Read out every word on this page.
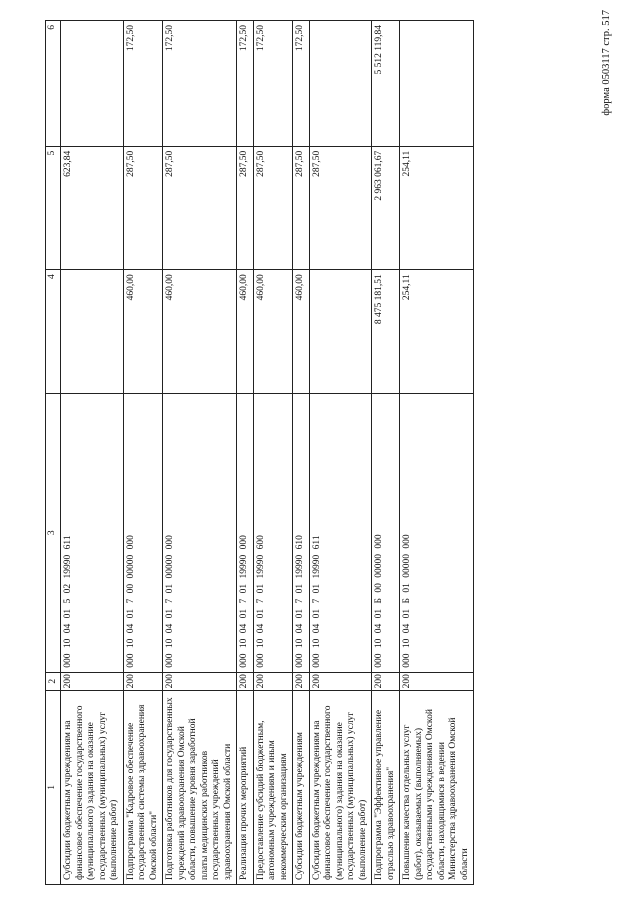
форма 0503117 стр. 517
1	2	3	4	5	6
Субсидии бюджетным учреждениям на финансовое обеспечение государственного (муниципального) задания на оказание государственных (муниципальных) услуг (выполнение работ)	200	000 10 04 01 5 02 19990 611		623,84	
Подпрограмма "Кадровое обеспечение государственной системы здравоохранения Омской области"	200	000 10 04 01 7 00 00000 000	460,00	287,50	172,50
Подготовка работников для государственных учреждений здравоохранения Омской области, повышение уровня заработной платы медицинских работников государственных учреждений здравоохранения Омской области	200	000 10 04 01 7 01 00000 000	460,00	287,50	172,50
Реализация прочих мероприятий	200	000 10 04 01 7 01 19990 000	460,00	287,50	172,50
Предоставление субсидий бюджетным, автономным учреждениям и иным некоммерческим организациям	200	000 10 04 01 7 01 19990 600	460,00	287,50	172,50
Субсидии бюджетным учреждениям	200	000 10 04 01 7 01 19990 610	460,00	287,50	172,50
Субсидии бюджетным учреждениям на финансовое обеспечение государственного (муниципального) задания на оказание государственных (муниципальных) услуг (выполнение работ)	200	000 10 04 01 7 01 19990 611		287,50	
Подпрограмма "Эффективное управление отраслью здравоохранения"	200	000 10 04 01 Б 00 00000 000	8 475 181,51	2 963 061,67	5 512 119,84
Повышение качества отдельных услуг (работ), оказываемых (выполняемых) государственными учреждениями Омской области, находящимися в ведении Министерства здравоохранения Омской области	200	000 10 04 01 Б 01 00000 000	254,11	254,11	
